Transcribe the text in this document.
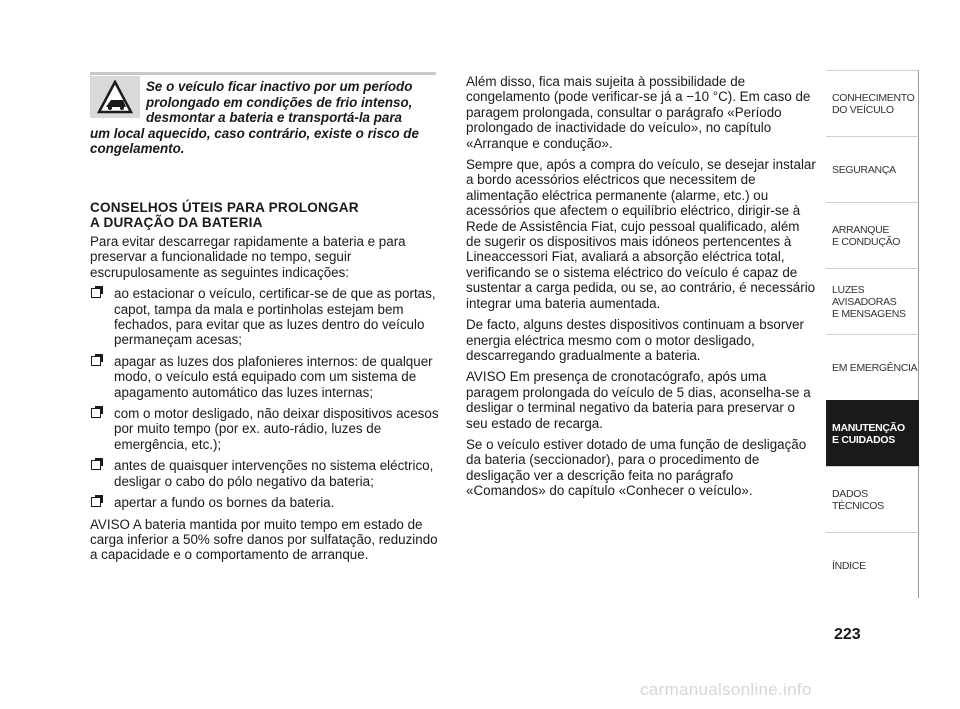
Se o veículo ficar inactivo por um período
prolongado em condições de frio intenso,
desmontar a bateria e transportá-la para
um local aquecido, caso contrário, existe o risco de congelamento.
CONSELHOS ÚTEIS PARA PROLONGAR
A DURAÇÃO DA BATERIA

Para evitar descarregar rapidamente a bateria e para preservar a funcionalidade no tempo, seguir escrupulosamente as seguintes indicações:

ao estacionar o veículo, certificar-se de que as portas, capot, tampa da mala e portinholas estejam bem fechados, para evitar que as luzes dentro do veículo permaneçam acesas;
apagar as luzes dos plafonieres internos: de qualquer modo, o veículo está equipado com um sistema de apagamento automático das luzes internas;
com o motor desligado, não deixar dispositivos acesos por muito tempo (por ex. auto-rádio, luzes de emergência, etc.);
antes de quaisquer intervenções no sistema eléctrico, desligar o cabo do pólo negativo da bateria;
apertar a fundo os bornes da bateria.

AVISO A bateria mantida por muito tempo em estado de carga inferior a 50% sofre danos por sulfatação, reduzindo a capacidade e o comportamento de arranque.

Além disso, fica mais sujeita à possibilidade de congelamento (pode verificar-se já a −10 °C). Em caso de paragem prolongada, consultar o parágrafo «Período prolongado de inactividade do veículo», no capítulo «Arranque e condução».

Sempre que, após a compra do veículo, se desejar instalar a bordo acessórios eléctricos que necessitem de alimentação eléctrica permanente (alarme, etc.) ou acessórios que afectem o equilíbrio eléctrico, dirigir-se à Rede de Assistência Fiat, cujo pessoal qualificado, além de sugerir os dispositivos mais idóneos pertencentes à Lineaccessori Fiat, avaliará a absorção eléctrica total, verificando se o sistema eléctrico do veículo é capaz de sustentar a carga pedida, ou se, ao contrário, é necessário integrar uma bateria aumentada.

De facto, alguns destes dispositivos continuam a bsorver energia eléctrica mesmo com o motor desligado, descarregando gradualmente a bateria.

AVISO Em presença de cronotacógrafo, após uma paragem prolongada do veículo de 5 dias, aconselha-se a desligar o terminal negativo da bateria para preservar o seu estado de recarga.

Se o veículo estiver dotado de uma função de desligação da bateria (seccionador), para o procedimento de desligação ver a descrição feita no parágrafo «Comandos» do capítulo «Conhecer o veículo».

CONHECIMENTO
DO VEÍCULO
SEGURANÇA
ARRANQUE
E CONDUÇÃO
LUZES
AVISADORAS
E MENSAGENS
EM EMERGÊNCIA
MANUTENÇÃO
E CUIDADOS
DADOS
TÉCNICOS
ÍNDICE
223
carmanualsonline.info
